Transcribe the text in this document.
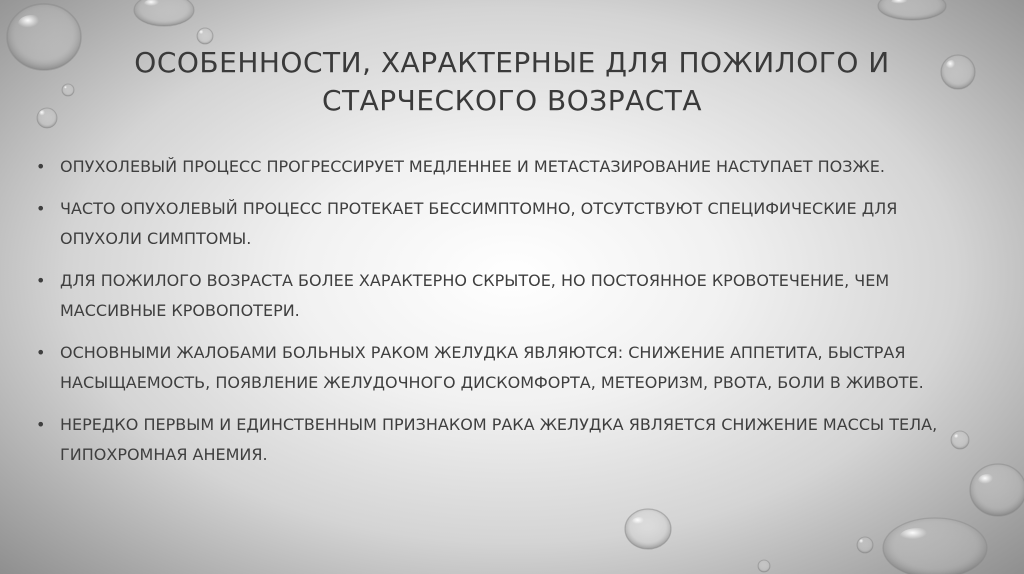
ОСОБЕННОСТИ, ХАРАКТЕРНЫЕ ДЛЯ ПОЖИЛОГО И СТАРЧЕСКОГО ВОЗРАСТА
• ОПУХОЛЕВЫЙ ПРОЦЕСС ПРОГРЕССИРУЕТ МЕДЛЕННЕЕ И МЕТАСТАЗИРОВАНИЕ НАСТУПАЕТ ПОЗЖЕ.
• ЧАСТО ОПУХОЛЕВЫЙ ПРОЦЕСС ПРОТЕКАЕТ БЕССИМПТОМНО, ОТСУТСТВУЮТ СПЕЦИФИЧЕСКИЕ ДЛЯ ОПУХОЛИ СИМПТОМЫ.
• ДЛЯ ПОЖИЛОГО ВОЗРАСТА БОЛЕЕ ХАРАКТЕРНО СКРЫТОЕ, НО ПОСТОЯННОЕ КРОВОТЕЧЕНИЕ, ЧЕМ МАССИВНЫЕ КРОВОПОТЕРИ.
• ОСНОВНЫМИ ЖАЛОБАМИ БОЛЬНЫХ РАКОМ ЖЕЛУДКА ЯВЛЯЮТСЯ: СНИЖЕНИЕ АППЕТИТА, БЫСТРАЯ НАСЫЩАЕМОСТЬ, ПОЯВЛЕНИЕ ЖЕЛУДОЧНОГО ДИСКОМФОРТА, МЕТЕОРИЗМ, РВОТА, БОЛИ В ЖИВОТЕ.
• НЕРЕДКО ПЕРВЫМ И ЕДИНСТВЕННЫМ ПРИЗНАКОМ РАКА ЖЕЛУДКА ЯВЛЯЕТСЯ СНИЖЕНИЕ МАССЫ ТЕЛА, ГИПОХРОМНАЯ АНЕМИЯ.
